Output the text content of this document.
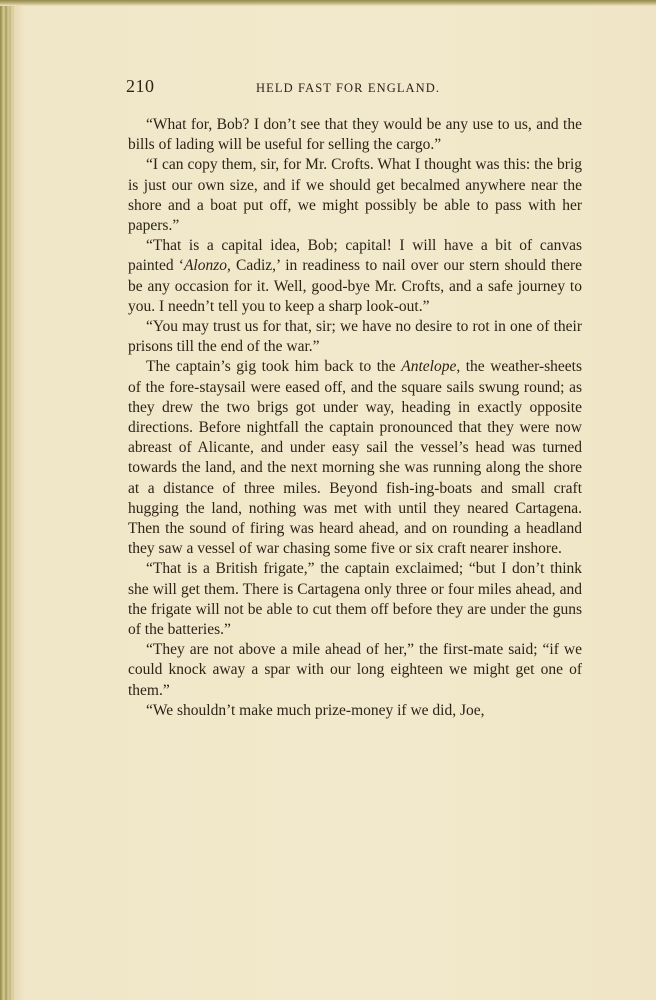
210	HELD FAST FOR ENGLAND.

“What for, Bob? I don’t see that they would be any use to us, and the bills of lading will be useful for selling the cargo.”

“I can copy them, sir, for Mr. Crofts. What I thought was this: the brig is just our own size, and if we should get becalmed anywhere near the shore and a boat put off, we might possibly be able to pass with her papers.”

“That is a capital idea, Bob; capital! I will have a bit of canvas painted ‘Alonzo, Cadiz,’ in readiness to nail over our stern should there be any occasion for it. Well, good-bye Mr. Crofts, and a safe journey to you. I needn’t tell you to keep a sharp look-out.”

“You may trust us for that, sir; we have no desire to rot in one of their prisons till the end of the war.”

The captain’s gig took him back to the Antelope, the weather-sheets of the fore-staysail were eased off, and the square sails swung round; as they drew the two brigs got under way, heading in exactly opposite directions. Before nightfall the captain pronounced that they were now abreast of Alicante, and under easy sail the vessel’s head was turned towards the land, and the next morning she was running along the shore at a distance of three miles. Beyond fish-ing-boats and small craft hugging the land, nothing was met with until they neared Cartagena. Then the sound of firing was heard ahead, and on rounding a headland they saw a vessel of war chasing some five or six craft nearer inshore.

“That is a British frigate,” the captain exclaimed; “but I don’t think she will get them. There is Cartagena only three or four miles ahead, and the frigate will not be able to cut them off before they are under the guns of the batteries.”

“They are not above a mile ahead of her,” the first-mate said; “if we could knock away a spar with our long eighteen we might get one of them.”

“We shouldn’t make much prize-money if we did, Joe,
